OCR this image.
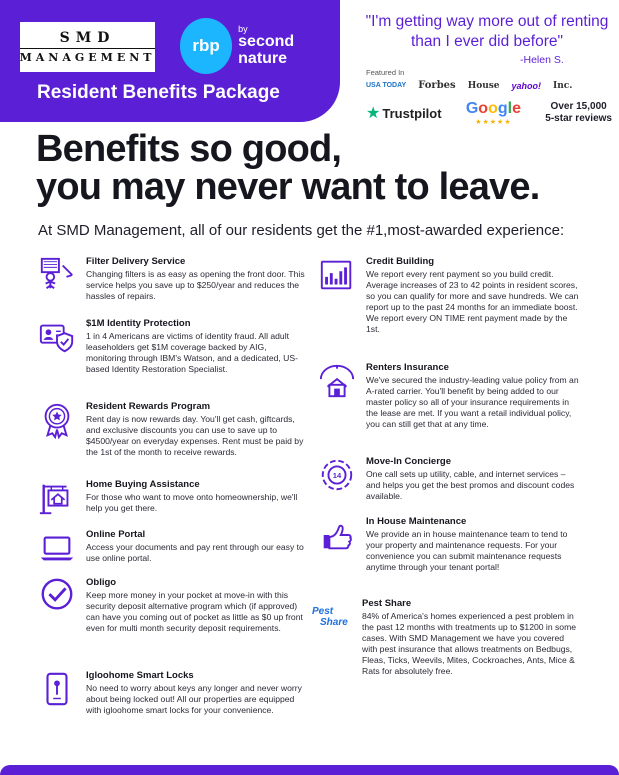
SMD
MANAGEMENT
rbp
by
second nature
Resident Benefits Package
"I'm getting way more out of renting than I ever did before"
-Helen S.
Featured In
USA TODAY Forbes House yahoo! Inc.
★ Trustpilot Google
★★★★★
Over 15,000
5-star reviews
Benefits so good,
you may never want to leave.
At SMD Management, all of our residents get the #1,most-awarded experience:
Filter Delivery Service
Changing filters is as easy as opening the front door. This service helps you save up to $250/year and reduces the hassles of repairs.
$1M Identity Protection
1 in 4 Americans are victims of identity fraud. All adult leaseholders get $1M coverage backed by AIG, monitoring through IBM's Watson, and a dedicated, US-based Identity Restoration Specialist.
Resident Rewards Program
Rent day is now rewards day. You'll get cash, giftcards, and exclusive discounts you can use to save up to $4500/year on everyday expenses. Rent must be paid by the 1st of the month to receive rewards.
Home Buying Assistance
For those who want to move onto homeownership, we'll help you get there.
Online Portal
Access your documents and pay rent through our easy to use online portal.
Obligo
Keep more money in your pocket at move-in with this security deposit alternative program which (if approved) can have you coming out of pocket as little as $0 up front even for multi month security deposit requirements.
Igloohome Smart Locks
No need to worry about keys any longer and never worry about being locked out! All our properties are equipped with igloohome smart locks for your convenience.
Credit Building
We report every rent payment so you build credit. Average increases of 23 to 42 points in resident scores, so you can qualify for more and save hundreds. We can report up to the past 24 months for an immediate boost. We report every ON TIME rent payment made by the 1st.
Renters Insurance
We've secured the industry-leading value policy from an A-rated carrier. You'll benefit by being added to our master policy so all of your insurance requirements in the lease are met. If you want a retail individual policy, you can still get that at any time.
14
Move-In Concierge
One call sets up utility, cable, and internet services – and helps you get the best promos and discount codes available.
In House Maintenance
We provide an in house maintenance team to tend to your property and maintenance requests. For your convenience you can submit maintenance requests anytime through your tenant portal!
Pest
Share
Pest Share
84% of America's homes experienced a pest problem in the past 12 months with treatments up to $1200 in some cases. With SMD Management we have you covered with pest insurance that allows treatments on Bedbugs, Fleas, Ticks, Weevils, Mites, Cockroaches, Ants, Mice & Rats for absolutely free.
